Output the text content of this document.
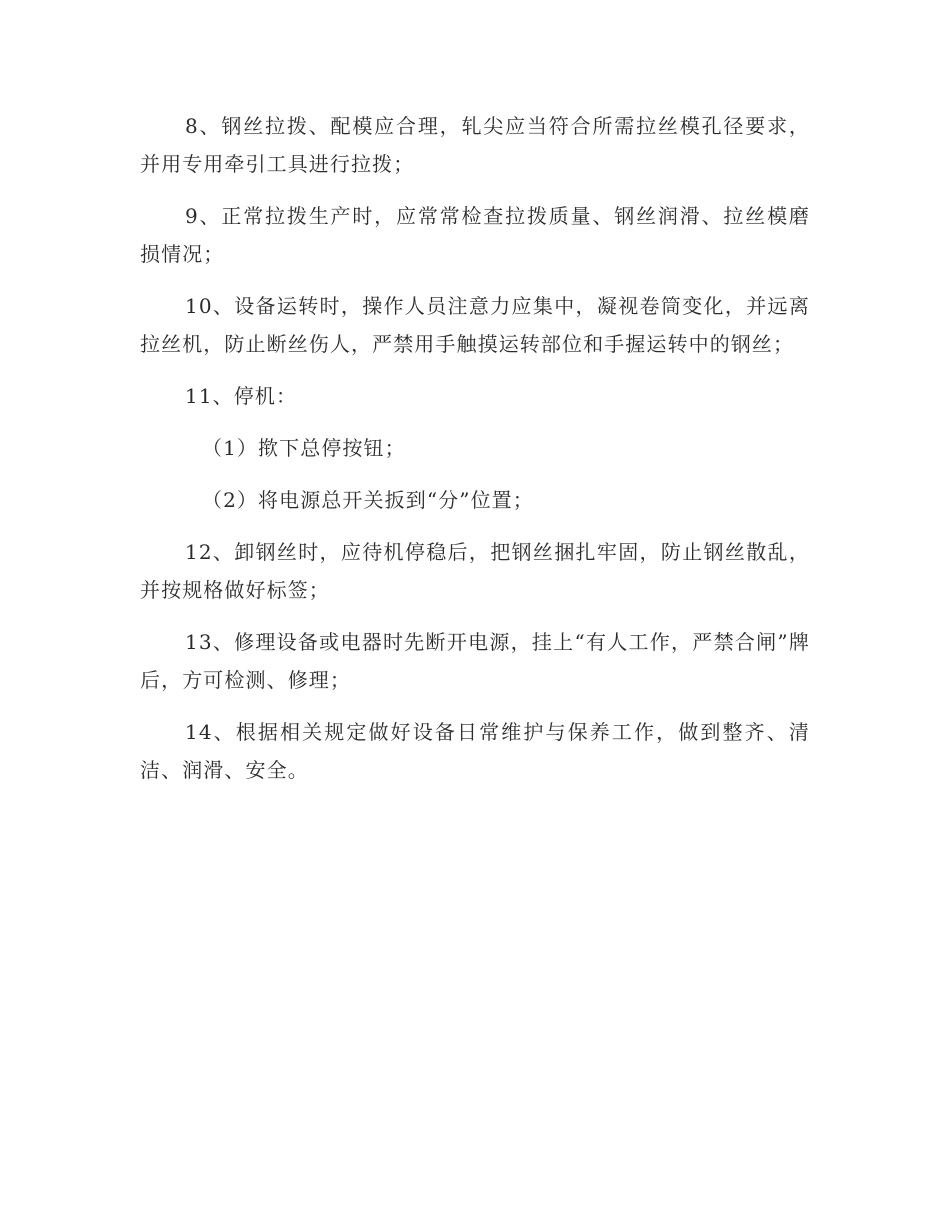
8、钢丝拉拨、配模应合理，轧尖应当符合所需拉丝模孔径要求，并用专用牵引工具进行拉拨；

9、正常拉拨生产时，应常常检查拉拨质量、钢丝润滑、拉丝模磨损情况；

10、设备运转时，操作人员注意力应集中，凝视卷筒变化，并远离拉丝机，防止断丝伤人，严禁用手触摸运转部位和手握运转中的钢丝；

11、停机：

（1）揿下总停按钮；

（2）将电源总开关扳到“分”位置；

12、卸钢丝时，应待机停稳后，把钢丝捆扎牢固，防止钢丝散乱，并按规格做好标签；

13、修理设备或电器时先断开电源，挂上“有人工作，严禁合闸”牌后，方可检测、修理；

14、根据相关规定做好设备日常维护与保养工作，做到整齐、清洁、润滑、安全。
